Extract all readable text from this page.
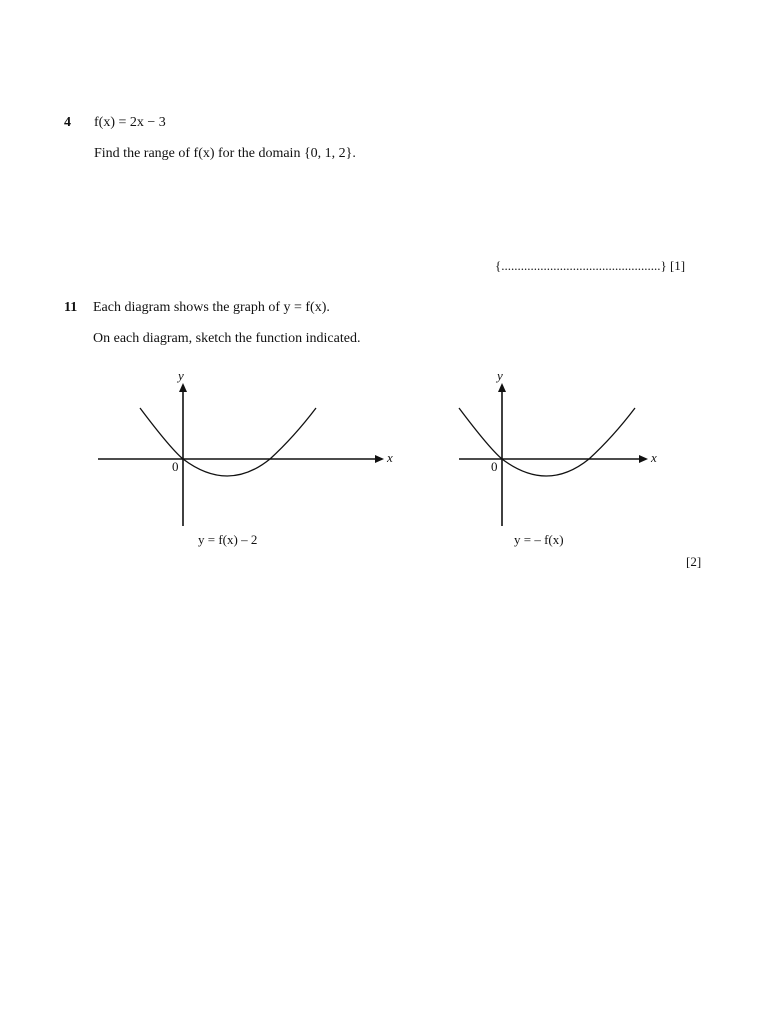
4 f(x) = 2x − 3
Find the range of f(x) for the domain {0, 1, 2}.
{.................................................} [1]
11 Each diagram shows the graph of y = f(x).
On each diagram, sketch the function indicated.
y
x
0
y = f(x) – 2
y
x
0
y = – f(x)
[2]
